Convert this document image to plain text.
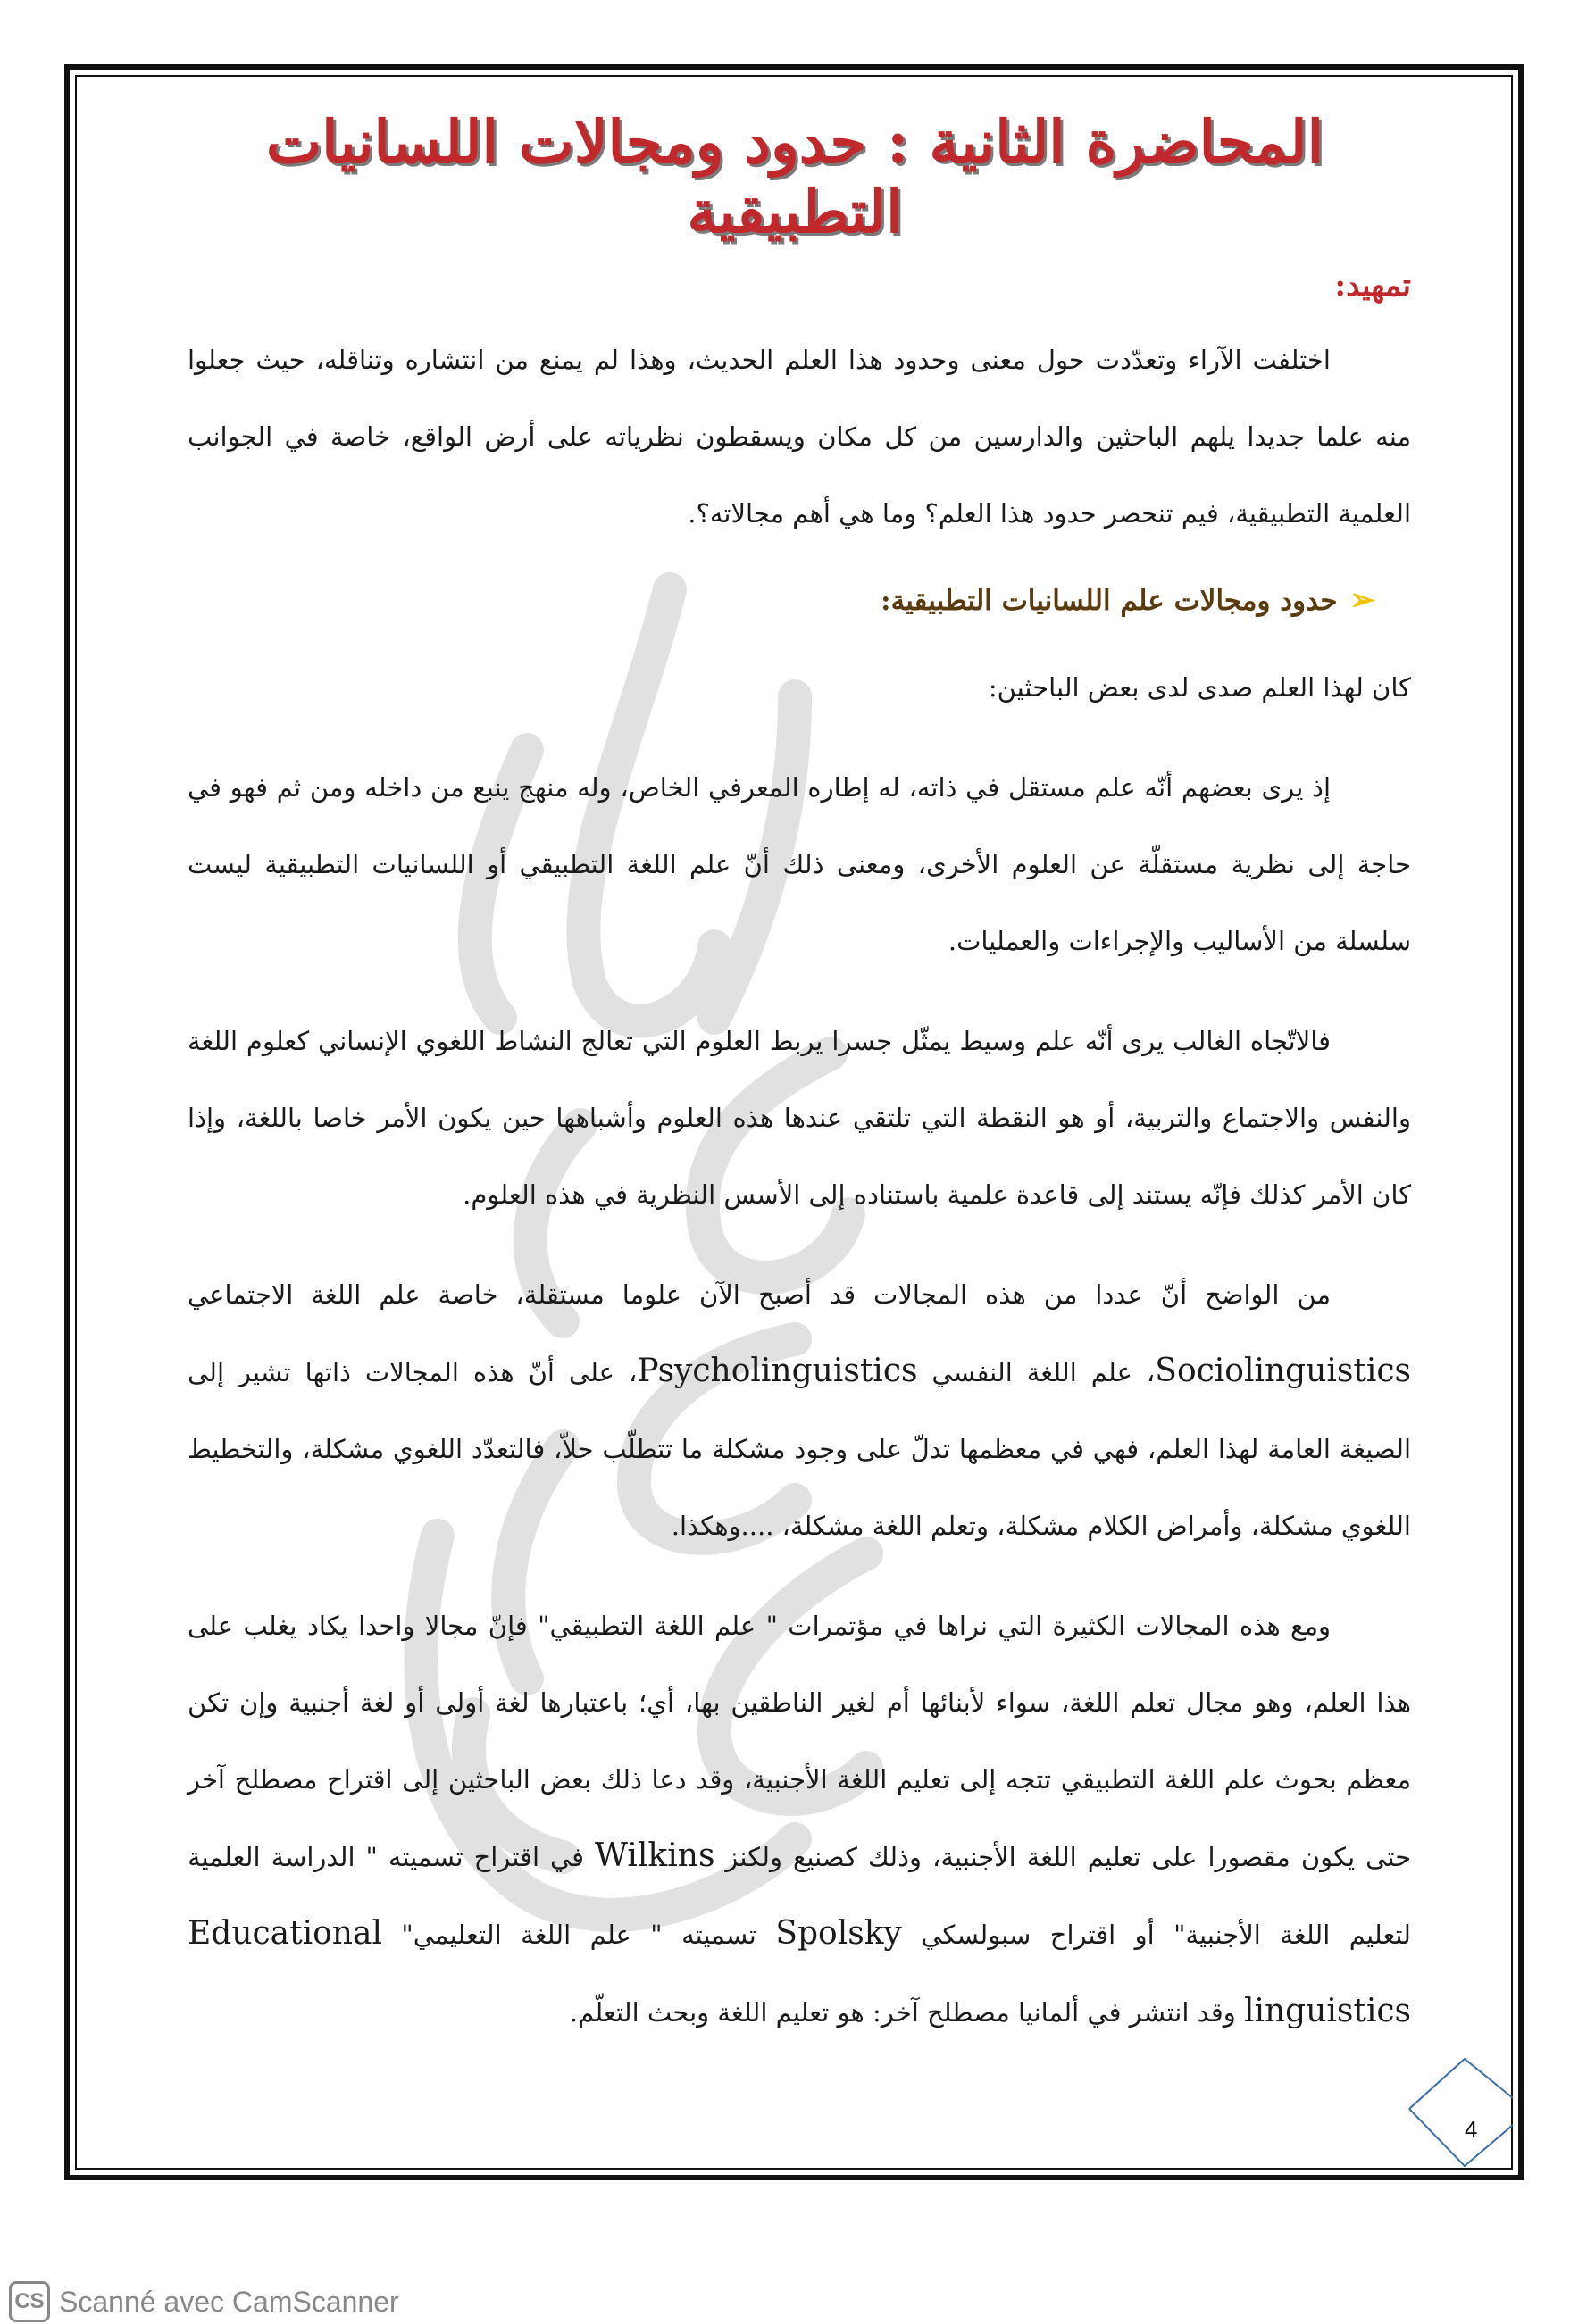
المحاضرة الثانية : حدود ومجالات اللسانيات التطبيقية

تمهيد:

اختلفت الآراء وتعدّدت حول معنى وحدود هذا العلم الحديث، وهذا لم يمنع من انتشاره وتناقله، حيث جعلوا منه علما جديدا يلهم الباحثين والدارسين من كل مكان ويسقطون نظرياته على أرض الواقع، خاصة في الجوانب العلمية التطبيقية، فيم تنحصر حدود هذا العلم؟ وما هي أهم مجالاته؟.

➢حدود ومجالات علم اللسانيات التطبيقية:

كان لهذا العلم صدى لدى بعض الباحثين:

إذ يرى بعضهم أنّه علم مستقل في ذاته، له إطاره المعرفي الخاص، وله منهج ينبع من داخله ومن ثم فهو في حاجة إلى نظرية مستقلّة عن العلوم الأخرى، ومعنى ذلك أنّ علم اللغة التطبيقي أو اللسانيات التطبيقية ليست سلسلة من الأساليب والإجراءات والعمليات.

فالاتّجاه الغالب يرى أنّه علم وسيط يمثّل جسرا يربط العلوم التي تعالج النشاط اللغوي الإنساني كعلوم اللغة والنفس والاجتماع والتربية، أو هو النقطة التي تلتقي عندها هذه العلوم وأشباهها حين يكون الأمر خاصا باللغة، وإذا كان الأمر كذلك فإنّه يستند إلى قاعدة علمية باستناده إلى الأسس النظرية في هذه العلوم.

من الواضح أنّ عددا من هذه المجالات قد أصبح الآن علوما مستقلة، خاصة علم اللغة الاجتماعي Sociolinguistics، علم اللغة النفسي Psycholinguistics، على أنّ هذه المجالات ذاتها تشير إلى الصيغة العامة لهذا العلم، فهي في معظمها تدلّ على وجود مشكلة ما تتطلّب حلاّ، فالتعدّد اللغوي مشكلة، والتخطيط اللغوي مشكلة، وأمراض الكلام مشكلة، وتعلم اللغة مشكلة، ....وهكذا.

ومع هذه المجالات الكثيرة التي نراها في مؤتمرات " علم اللغة التطبيقي" فإنّ مجالا واحدا يكاد يغلب على هذا العلم، وهو مجال تعلم اللغة، سواء لأبنائها أم لغير الناطقين بها، أي؛ باعتبارها لغة أولى أو لغة أجنبية وإن تكن معظم بحوث علم اللغة التطبيقي تتجه إلى تعليم اللغة الأجنبية، وقد دعا ذلك بعض الباحثين إلى اقتراح مصطلح آخر حتى يكون مقصورا على تعليم اللغة الأجنبية، وذلك كصنيع ولكنز Wilkins في اقتراح تسميته " الدراسة العلمية لتعليم اللغة الأجنبية" أو اقتراح سبولسكي Spolsky تسميته " علم اللغة التعليمي" Educational linguistics وقد انتشر في ألمانيا مصطلح آخر: هو تعليم اللغة وبحث التعلّم.

4
CS Scanné avec CamScanner
